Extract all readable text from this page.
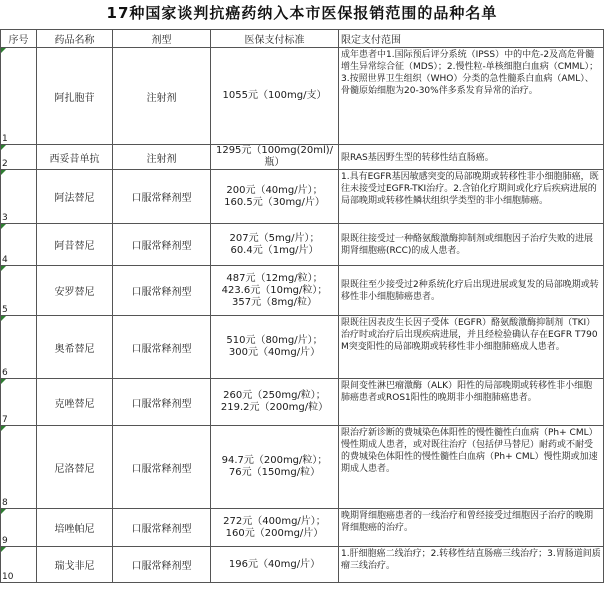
17种国家谈判抗癌药纳入本市医保报销范围的品种名单
序号	药品名称	剂型	医保支付标准	限定支付范围
1	阿扎胞苷	注射剂	1055元（100mg/支）	成年患者中1.国际预后评分系统（IPSS）中的中危-2及高危骨髓增生异常综合征（MDS）；2.慢性粒-单核细胞白血病（CMML）；3.按照世界卫生组织（WHO）分类的急性髓系白血病（AML）、骨髓原始细胞为20-30%伴多系发育异常的治疗。
2	西妥昔单抗	注射剂	1295元（100mg(20ml)/瓶）	限RAS基因野生型的转移性结直肠癌。
3	阿法替尼	口服常释剂型	200元（40mg/片）；
160.5元（30mg/片）	1.具有EGFR基因敏感突变的局部晚期或转移性非小细胞肺癌，既往未接受过EGFR-TKI治疗。2.含铂化疗期间或化疗后疾病进展的局部晚期或转移性鳞状组织学类型的非小细胞肺癌。
4	阿昔替尼	口服常释剂型	207元（5mg/片）；
60.4元（1mg/片）	限既往接受过一种酪氨酸激酶抑制剂或细胞因子治疗失败的进展期肾细胞癌(RCC)的成人患者。
5	安罗替尼	口服常释剂型	487元（12mg/粒）；
423.6元（10mg/粒）；
357元（8mg/粒）	限既往至少接受过2种系统化疗后出现进展或复发的局部晚期或转移性非小细胞肺癌患者。
6	奥希替尼	口服常释剂型	510元（80mg/片）；
300元（40mg/片）	限既往因表皮生长因子受体（EGFR）酪氨酸激酶抑制剂（TKI）治疗时或治疗后出现疾病进展，并且经检验确认存在EGFR T790M突变阳性的局部晚期或转移性非小细胞肺癌成人患者。
7	克唑替尼	口服常释剂型	260元（250mg/粒）；
219.2元（200mg/粒）	限间变性淋巴瘤激酶（ALK）阳性的局部晚期或转移性非小细胞肺癌患者或ROS1阳性的晚期非小细胞肺癌患者。
8	尼洛替尼	口服常释剂型	94.7元（200mg/粒）；
76元（150mg/粒）	限治疗新诊断的费城染色体阳性的慢性髓性白血病（Ph+ CML）慢性期成人患者，或对既往治疗（包括伊马替尼）耐药或不耐受的费城染色体阳性的慢性髓性白血病（Ph+ CML）慢性期或加速期成人患者。
9	培唑帕尼	口服常释剂型	272元（400mg/片）；
160元（200mg/片）	晚期肾细胞癌患者的一线治疗和曾经接受过细胞因子治疗的晚期肾细胞癌的治疗。
10	瑞戈非尼	口服常释剂型	196元（40mg/片）	1.肝细胞癌二线治疗；2.转移性结直肠癌三线治疗；3.胃肠道间质瘤三线治疗。
